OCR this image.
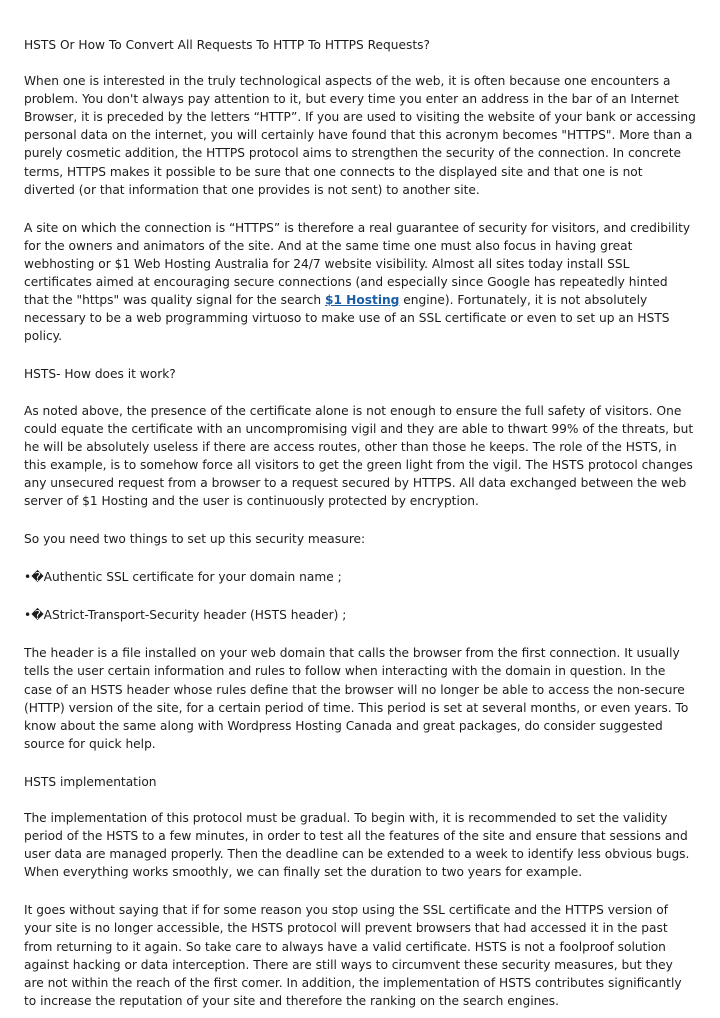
HSTS Or How To Convert All Requests To HTTP To HTTPS Requests?

When one is interested in the truly technological aspects of the web, it is often because one encounters a problem. You don't always pay attention to it, but every time you enter an address in the bar of an Internet Browser, it is preceded by the letters “HTTP”. If you are used to visiting the website of your bank or accessing personal data on the internet, you will certainly have found that this acronym becomes "HTTPS". More than a purely cosmetic addition, the HTTPS protocol aims to strengthen the security of the connection. In concrete terms, HTTPS makes it possible to be sure that one connects to the displayed site and that one is not diverted (or that information that one provides is not sent) to another site.

A site on which the connection is “HTTPS” is therefore a real guarantee of security for visitors, and credibility for the owners and animators of the site. And at the same time one must also focus in having great webhosting or $1 Web Hosting Australia for 24/7 website visibility. Almost all sites today install SSL certificates aimed at encouraging secure connections (and especially since Google has repeatedly hinted that the "https" was quality signal for the search $1 Hosting engine). Fortunately, it is not absolutely necessary to be a web programming virtuoso to make use of an SSL certificate or even to set up an HSTS policy.

HSTS- How does it work?

As noted above, the presence of the certificate alone is not enough to ensure the full safety of visitors. One could equate the certificate with an uncompromising vigil and they are able to thwart 99% of the threats, but he will be absolutely useless if there are access routes, other than those he keeps. The role of the HSTS, in this example, is to somehow force all visitors to get the green light from the vigil. The HSTS protocol changes any unsecured request from a browser to a request secured by HTTPS. All data exchanged between the web server of $1 Hosting and the user is continuously protected by encryption.

So you need two things to set up this security measure:

•�Authentic SSL certificate for your domain name ;

•�AStrict-Transport-Security header (HSTS header) ;

The header is a file installed on your web domain that calls the browser from the first connection. It usually tells the user certain information and rules to follow when interacting with the domain in question. In the case of an HSTS header whose rules define that the browser will no longer be able to access the non-secure (HTTP) version of the site, for a certain period of time. This period is set at several months, or even years. To know about the same along with Wordpress Hosting Canada and great packages, do consider suggested source for quick help.

HSTS implementation

The implementation of this protocol must be gradual. To begin with, it is recommended to set the validity period of the HSTS to a few minutes, in order to test all the features of the site and ensure that sessions and user data are managed properly. Then the deadline can be extended to a week to identify less obvious bugs. When everything works smoothly, we can finally set the duration to two years for example.

It goes without saying that if for some reason you stop using the SSL certificate and the HTTPS version of your site is no longer accessible, the HSTS protocol will prevent browsers that had accessed it in the past from returning to it again. So take care to always have a valid certificate. HSTS is not a foolproof solution against hacking or data interception. There are still ways to circumvent these security measures, but they are not within the reach of the first comer. In addition, the implementation of HSTS contributes significantly to increase the reputation of your site and therefore the ranking on the search engines.
